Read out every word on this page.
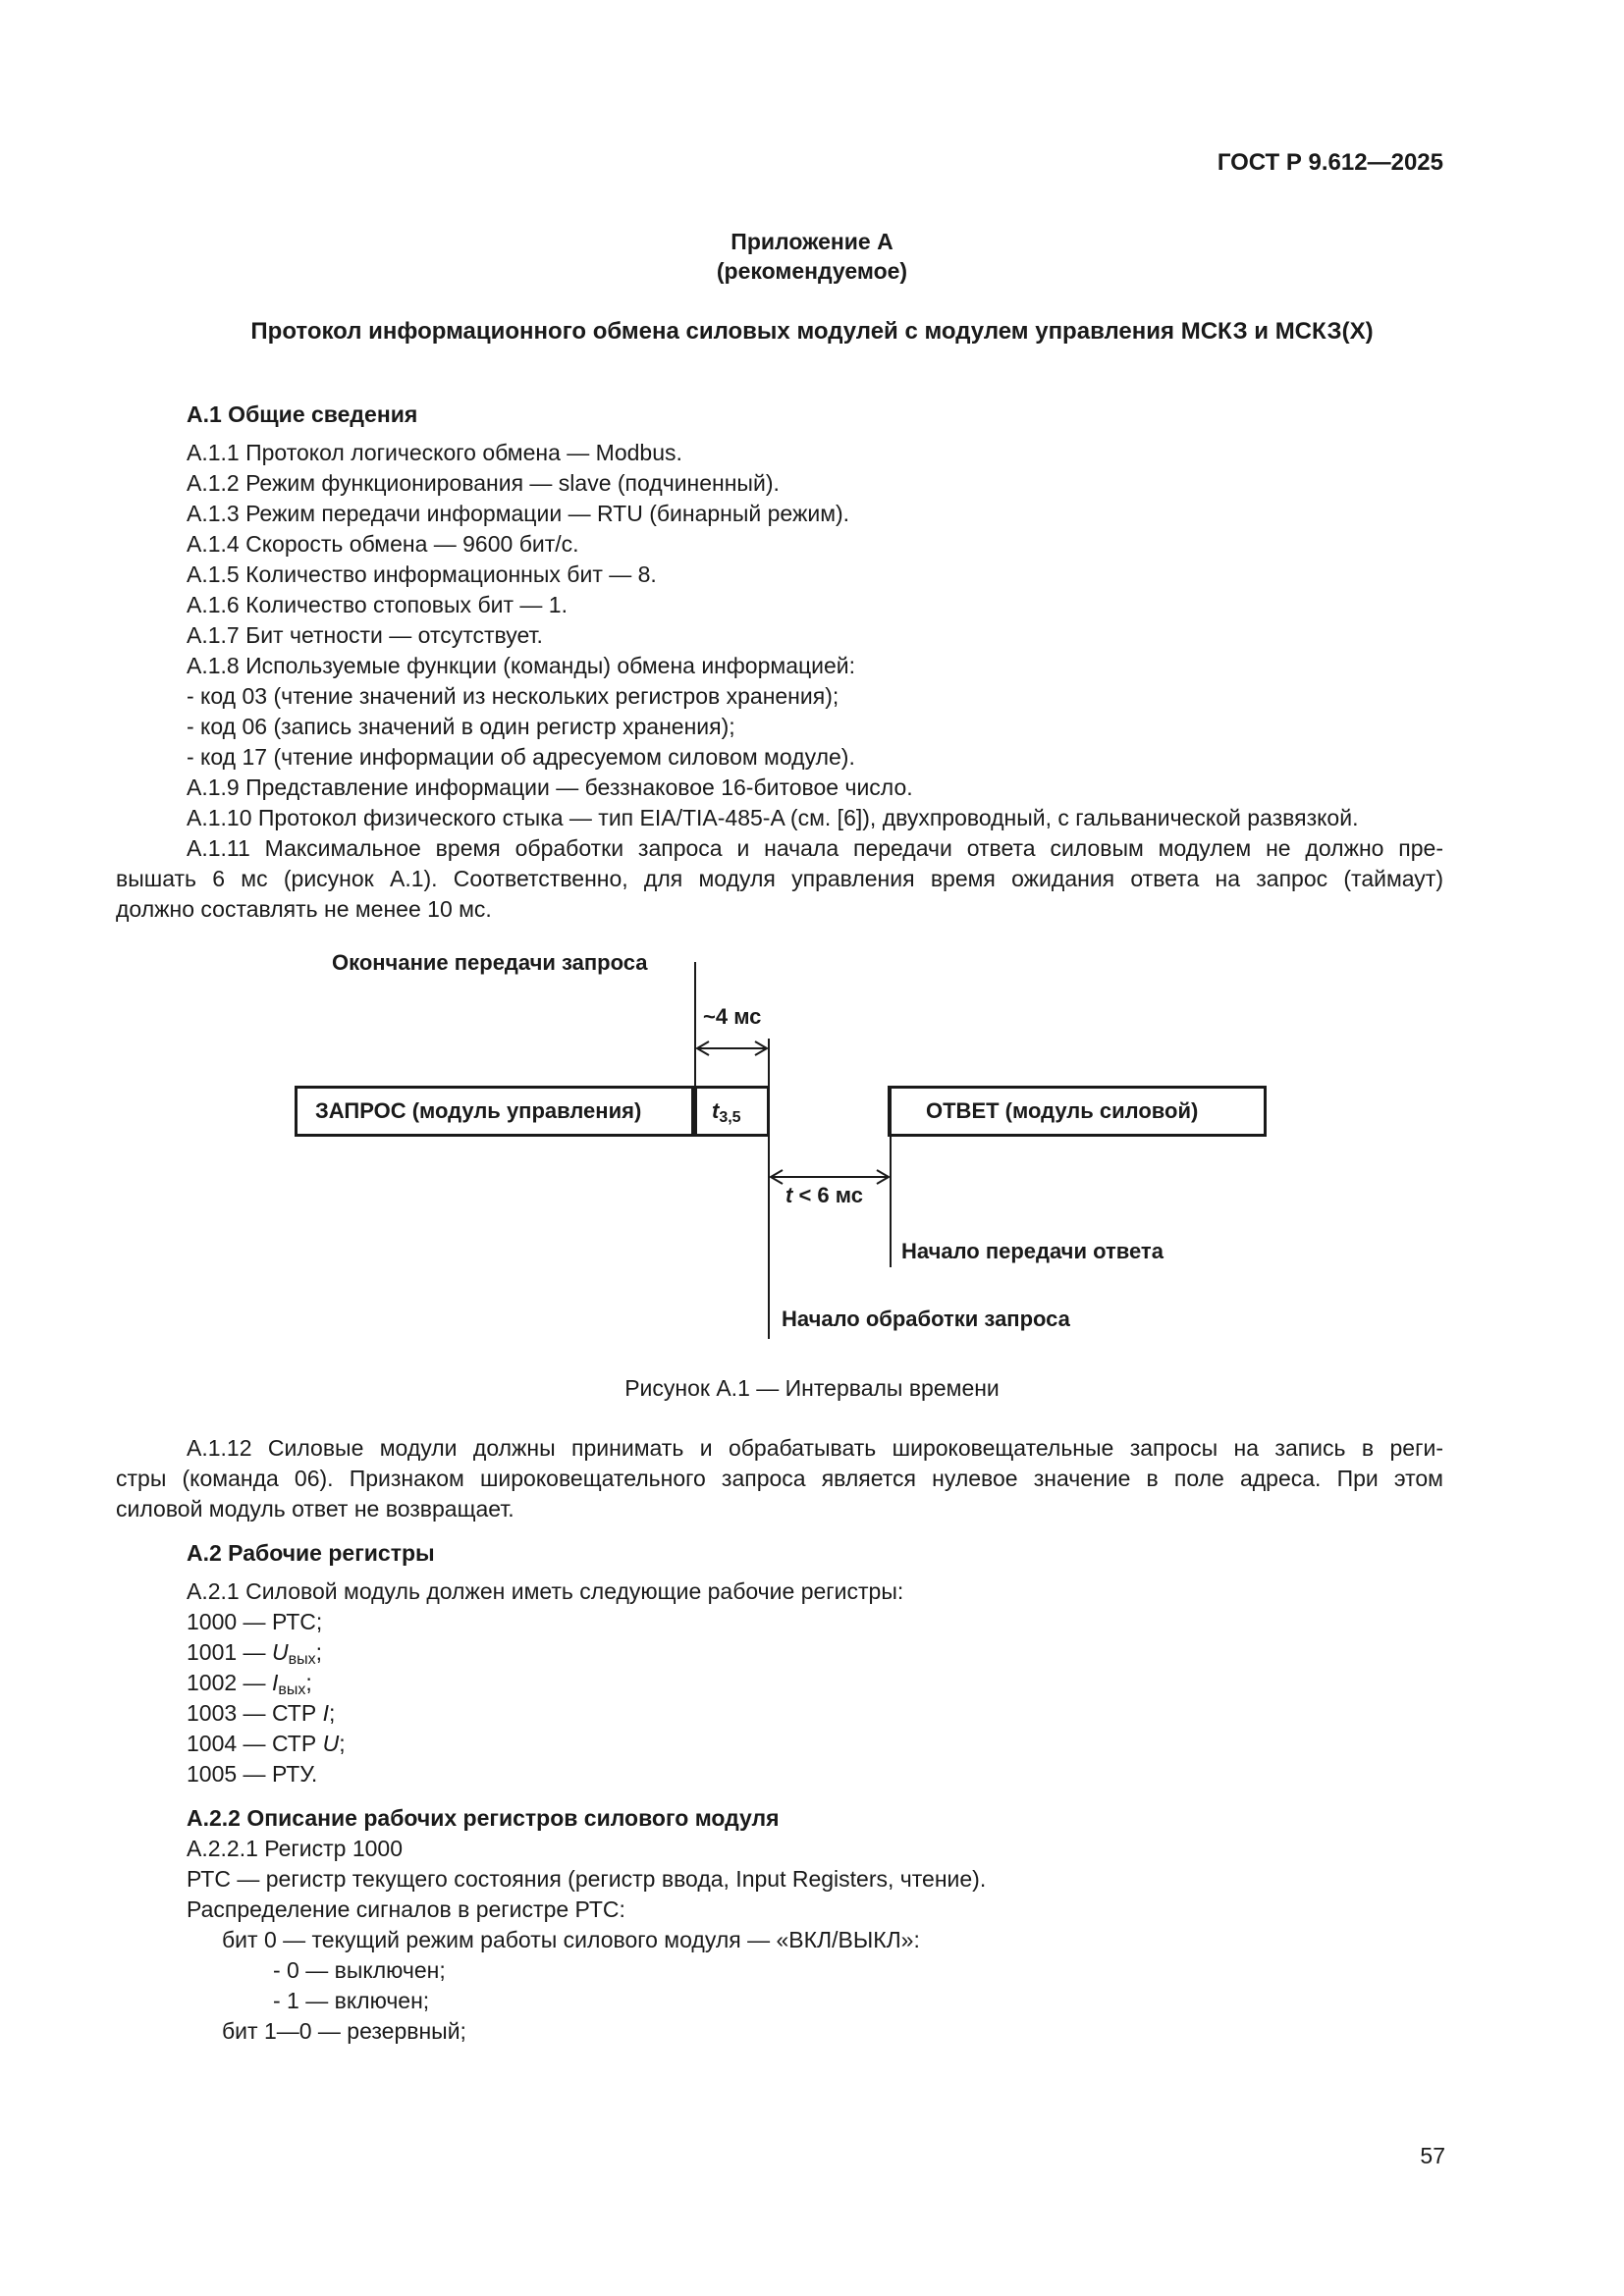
ГОСТ Р 9.612—2025
Приложение А
(рекомендуемое)
Протокол информационного обмена силовых модулей с модулем управления МСКЗ и МСКЗ(Х)
А.1 Общие сведения
А.1.1 Протокол логического обмена — Modbus.
А.1.2 Режим функционирования — slave (подчиненный).
А.1.3 Режим передачи информации — RTU (бинарный режим).
А.1.4 Скорость обмена — 9600 бит/с.
А.1.5 Количество информационных бит — 8.
А.1.6 Количество стоповых бит — 1.
А.1.7 Бит четности — отсутствует.
А.1.8 Используемые функции (команды) обмена информацией:
- код 03 (чтение значений из нескольких регистров хранения);
- код 06 (запись значений в один регистр хранения);
- код 17 (чтение информации об адресуемом силовом модуле).
А.1.9 Представление информации — беззнаковое 16-битовое число.
А.1.10 Протокол физического стыка — тип EIA/TIA-485-A (см. [6]), двухпроводный, с гальванической развязкой.
А.1.11 Максимальное время обработки запроса и начала передачи ответа силовым модулем не должно пре-
вышать 6 мс (рисунок А.1). Соответственно, для модуля управления время ожидания ответа на запрос (таймаут)
должно составлять не менее 10 мс.
Окончание передачи запроса
~4 мс
ЗАПРОС (модуль управления)	$t_{3,5}$	ОТВЕТ (модуль силовой)
t < 6 мс
Начало передачи ответа
Начало обработки запроса
Рисунок А.1 — Интервалы времени
А.1.12 Силовые модули должны принимать и обрабатывать широковещательные запросы на запись в реги-
стры (команда 06). Признаком широковещательного запроса является нулевое значение в поле адреса. При этом
силовой модуль ответ не возвращает.
А.2 Рабочие регистры
А.2.1 Силовой модуль должен иметь следующие рабочие регистры:
1000 — РТС;
1001 — $U_{вых}$;
1002 — $I_{вых}$;
1003 — СТР I;
1004 — СТР U;
1005 — РТУ.
А.2.2 Описание рабочих регистров силового модуля
А.2.2.1 Регистр 1000
РТС — регистр текущего состояния (регистр ввода, Input Registers, чтение).
Распределение сигналов в регистре РТС:
бит 0 — текущий режим работы силового модуля — «ВКЛ/ВЫКЛ»:
- 0 — выключен;
- 1 — включен;
бит 1—0 — резервный;
57
